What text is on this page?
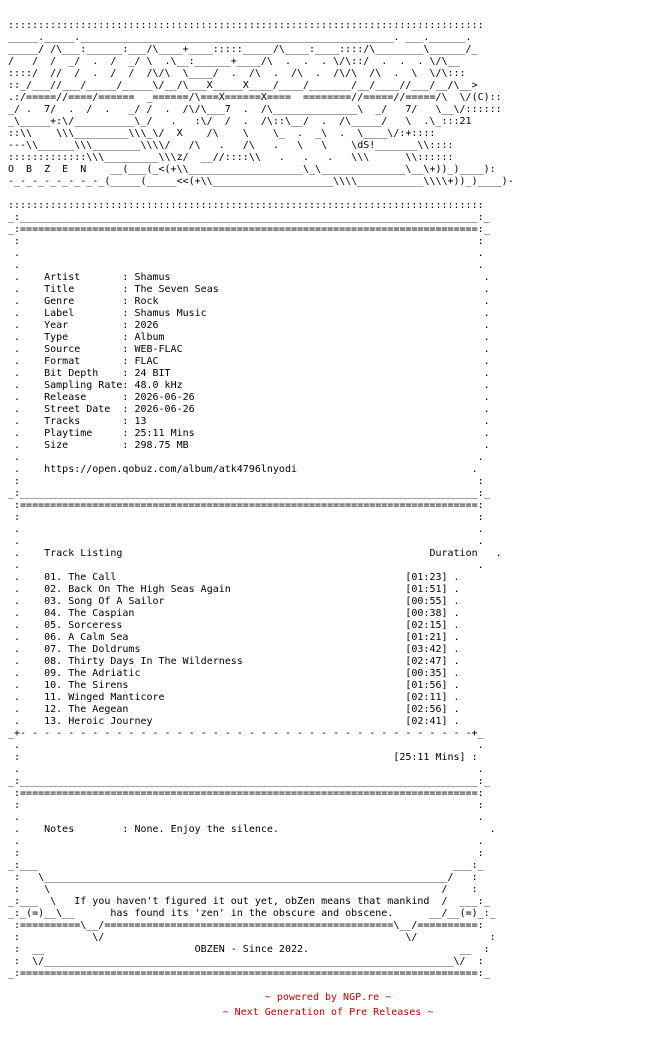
:::::::::::::::::::::::::::::::::::::::::::::::::::::::::::::::::::::::::::::::
_____._____.____________________________________________________. ___.______.
_____/ /\___:______:___/\____+____:::::_____/\____:____::::/\________\______/_
/   /  /  _/  .  /  _/ \  .\__:______+____/\  .  .  . \/\::/  .  .  . \/\__
::::/  //  /  .  /  /  /\/\  \____/  .  /\  .  /\  .  /\/\  /\  .  \  \/\:::
::_/___//___/_____/_____\/__/\___X_____X____/____/_______/__/____//___/__/\__>
.:/=====//====/======  _======/\===X======X====  ========//=====//=====/\  \/(C)::
_/ .  7/  .  /  .   _/ /  .  /\/\___7  .  /\______________\  _/   7/   \__\/::::::
_\_____+:\/__________\_/   .   :\/  /  .  /\::\__/  .  /\_____/   \  .\_:::21
::\\    \\\_________\\\_\/  X    /\    \    \_  .  _\  .  \____\/:+::::
---\\______\\\________\\\\/   /\   .   /\   .   \   \    \dS!_______\\::::
:::::::::::::\\\_________\\\z/  __//::::\\   .   .   .   \\\      \\::::::
O  B  Z  E  N    __(___(_<(+\\___________________\_\______________\__\+))_)____):
-_-_-_-_-_-_-_-_(_____(_____<<(+\\____________________\\\\___________\\\\+))_)____)-

:::::::::::::::::::::::::::::::::::::::::::::::::::::::::::::::::::::::::::::::
_:____________________________________________________________________________:_
_:============================================================================:_
:                                                                            :
.                                                                            .
.                                                                            .
.    Artist       : Shamus                                                    .
.    Title        : The Seven Seas                                            .
.    Genre        : Rock                                                      .
.    Label        : Shamus Music                                              .
.    Year         : 2026                                                      .
.    Type         : Album                                                     .
.    Source       : WEB-FLAC                                                  .
.    Format       : FLAC                                                      .
.    Bit Depth    : 24 BIT                                                    .
.    Sampling Rate: 48.0 kHz                                                  .
.    Release      : 2026-06-26                                                .
.    Street Date  : 2026-06-26                                                .
.    Tracks       : 13                                                        .
.    Playtime     : 25:11 Mins                                                .
.    Size         : 298.75 MB                                                 .
.                                                                            .
.    https://open.qobuz.com/album/atk4796lnyodi                             .
:                                                                            :
_:____________________________________________________________________________:_
:============================================================================:
:                                                                            :
.                                                                            .
.                                                                            .
.    Track Listing	Duration   .
.                                                                            .
.    01. The Call	[01:23] .
.    02. Back On The High Seas Again	[01:51] .
.    03. Song Of A Sailor	[00:55] .
.    04. The Caspian	[00:38] .
.    05. Sorceress	[02:15] .
.    06. A Calm Sea	[01:21] .
.    07. The Doldrums	[03:42] .
.    08. Thirty Days In The Wilderness	[02:47] .
.    09. The Adriatic	[00:35] .
.    10. The Sirens	[01:56] .
.    11. Winged Manticore	[02:11] .
.    12. The Aegean	[02:56] .
.    13. Heroic Journey	[02:41] .
_+- - - - - - - - - - - - - - - - - - - - - - - - - - - - - - - - - - - - - -+_
.                                                                            .
:                                                              [25:11 Mins] :
.                                                                            .
_:____________________________________________________________________________:_
:============================================================================:
:                                                                            :
.                                                                            .
.    Notes        : None. Enjoy the silence.                                   .
.                                                                            .
:                                                                            :
_:___                                                                     ___:_
:   \___________________________________________________________________/   :
:    \                                                                 /    :
_:___  \   If you haven't figured it out yet, obZen means that mankind  /  ___:_
_:_(=)__\__      has found its 'zen' in the obscure and obscene.      __/__(=)_:_
:==========\__/================================================\__/==========:
:            \/                                                  \/            :
:  __                         OBZEN - Since 2022.                         __  :
:  \/____________________________________________________________________\/  :
_:============================================================================:_
~ powered by NGP.re ~
~ Next Generation of Pre Releases ~
